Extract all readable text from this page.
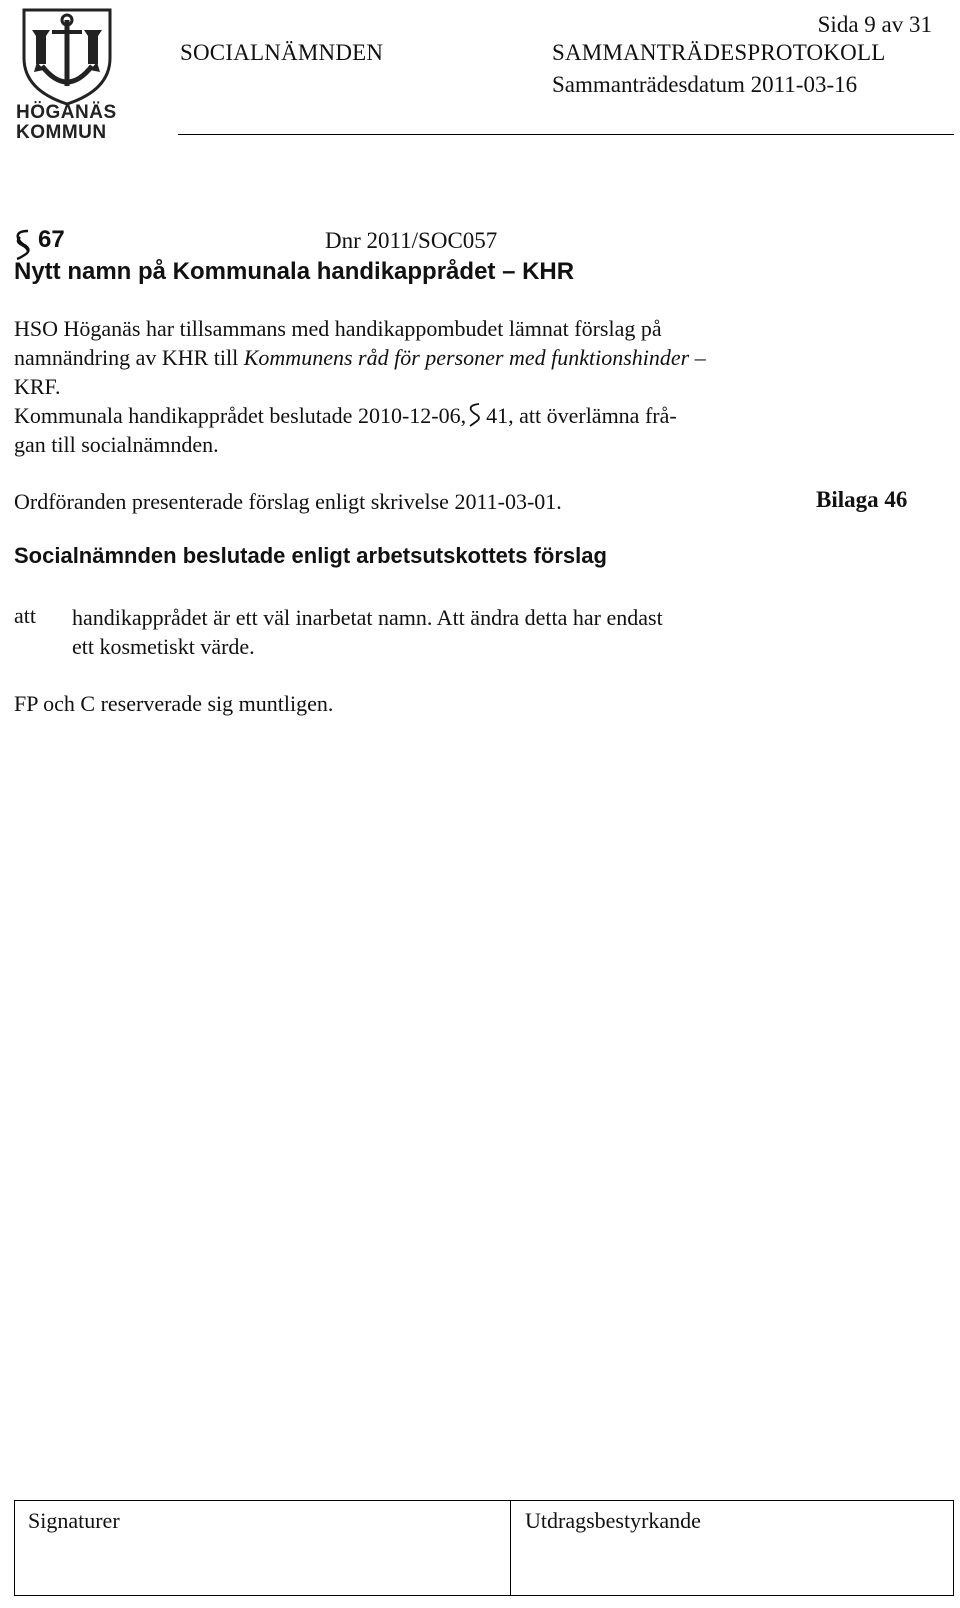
HÖGANÄS
KOMMUN
Sida 9 av 31
SOCIALNÄMNDEN	SAMMANTRÄDESPROTOKOLL
Sammanträdesdatum 2011-03-16
67	Dnr 2011/SOC057
Nytt namn på Kommunala handikapprådet – KHR
HSO Höganäs har tillsammans med handikappombudet lämnat förslag på
namnändring av KHR till Kommunens råd för personer med funktionshinder –
KRF.
Kommunala handikapprådet beslutade 2010-12-06, 41, att överlämna frå-
gan till socialnämnden.
Ordföranden presenterade förslag enligt skrivelse 2011-03-01.	Bilaga 46
Socialnämnden beslutade enligt arbetsutskottets förslag
att handikapprådet är ett väl inarbetat namn. Att ändra detta har endast
ett kosmetiskt värde.
FP och C reserverade sig muntligen.
Signaturer	Utdragsbestyrkande
